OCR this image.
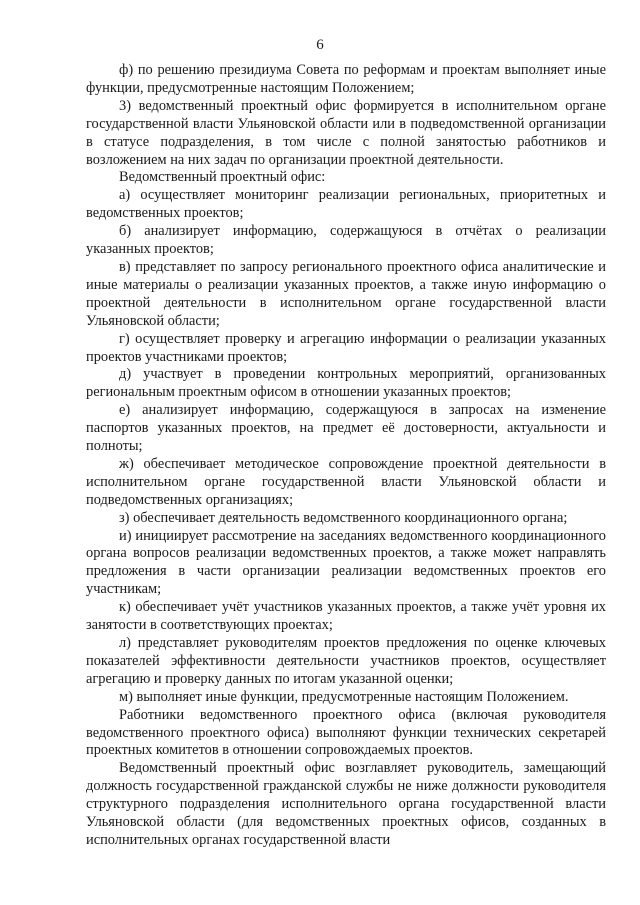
6

ф) по решению президиума Совета по реформам и проектам выполняет иные функции, предусмотренные настоящим Положением;

3) ведомственный проектный офис формируется в исполнительном органе государственной власти Ульяновской области или в подведомственной организации в статусе подразделения, в том числе с полной занятостью работников и возложением на них задач по организации проектной деятельности.

Ведомственный проектный офис:

а) осуществляет мониторинг реализации региональных, приоритетных и ведомственных проектов;

б) анализирует информацию, содержащуюся в отчётах о реализации указанных проектов;

в) представляет по запросу регионального проектного офиса аналитические и иные материалы о реализации указанных проектов, а также иную информацию о проектной деятельности в исполнительном органе государственной власти Ульяновской области;

г) осуществляет проверку и агрегацию информации о реализации указанных проектов участниками проектов;

д) участвует в проведении контрольных мероприятий, организованных региональным проектным офисом в отношении указанных проектов;

е) анализирует информацию, содержащуюся в запросах на изменение паспортов указанных проектов, на предмет её достоверности, актуальности и полноты;

ж) обеспечивает методическое сопровождение проектной деятельности в исполнительном органе государственной власти Ульяновской области и подведомственных организациях;

з) обеспечивает деятельность ведомственного координационного органа;

и) инициирует рассмотрение на заседаниях ведомственного координационного органа вопросов реализации ведомственных проектов, а также может направлять предложения в части организации реализации ведомственных проектов его участникам;

к) обеспечивает учёт участников указанных проектов, а также учёт уровня их занятости в соответствующих проектах;

л) представляет руководителям проектов предложения по оценке ключевых показателей эффективности деятельности участников проектов, осуществляет агрегацию и проверку данных по итогам указанной оценки;

м) выполняет иные функции, предусмотренные настоящим Положением.

Работники ведомственного проектного офиса (включая руководителя ведомственного проектного офиса) выполняют функции технических секретарей проектных комитетов в отношении сопровождаемых проектов.

Ведомственный проектный офис возглавляет руководитель, замещающий должность государственной гражданской службы не ниже должности руководителя структурного подразделения исполнительного органа государственной власти Ульяновской области (для ведомственных проектных офисов, созданных в исполнительных органах государственной власти
